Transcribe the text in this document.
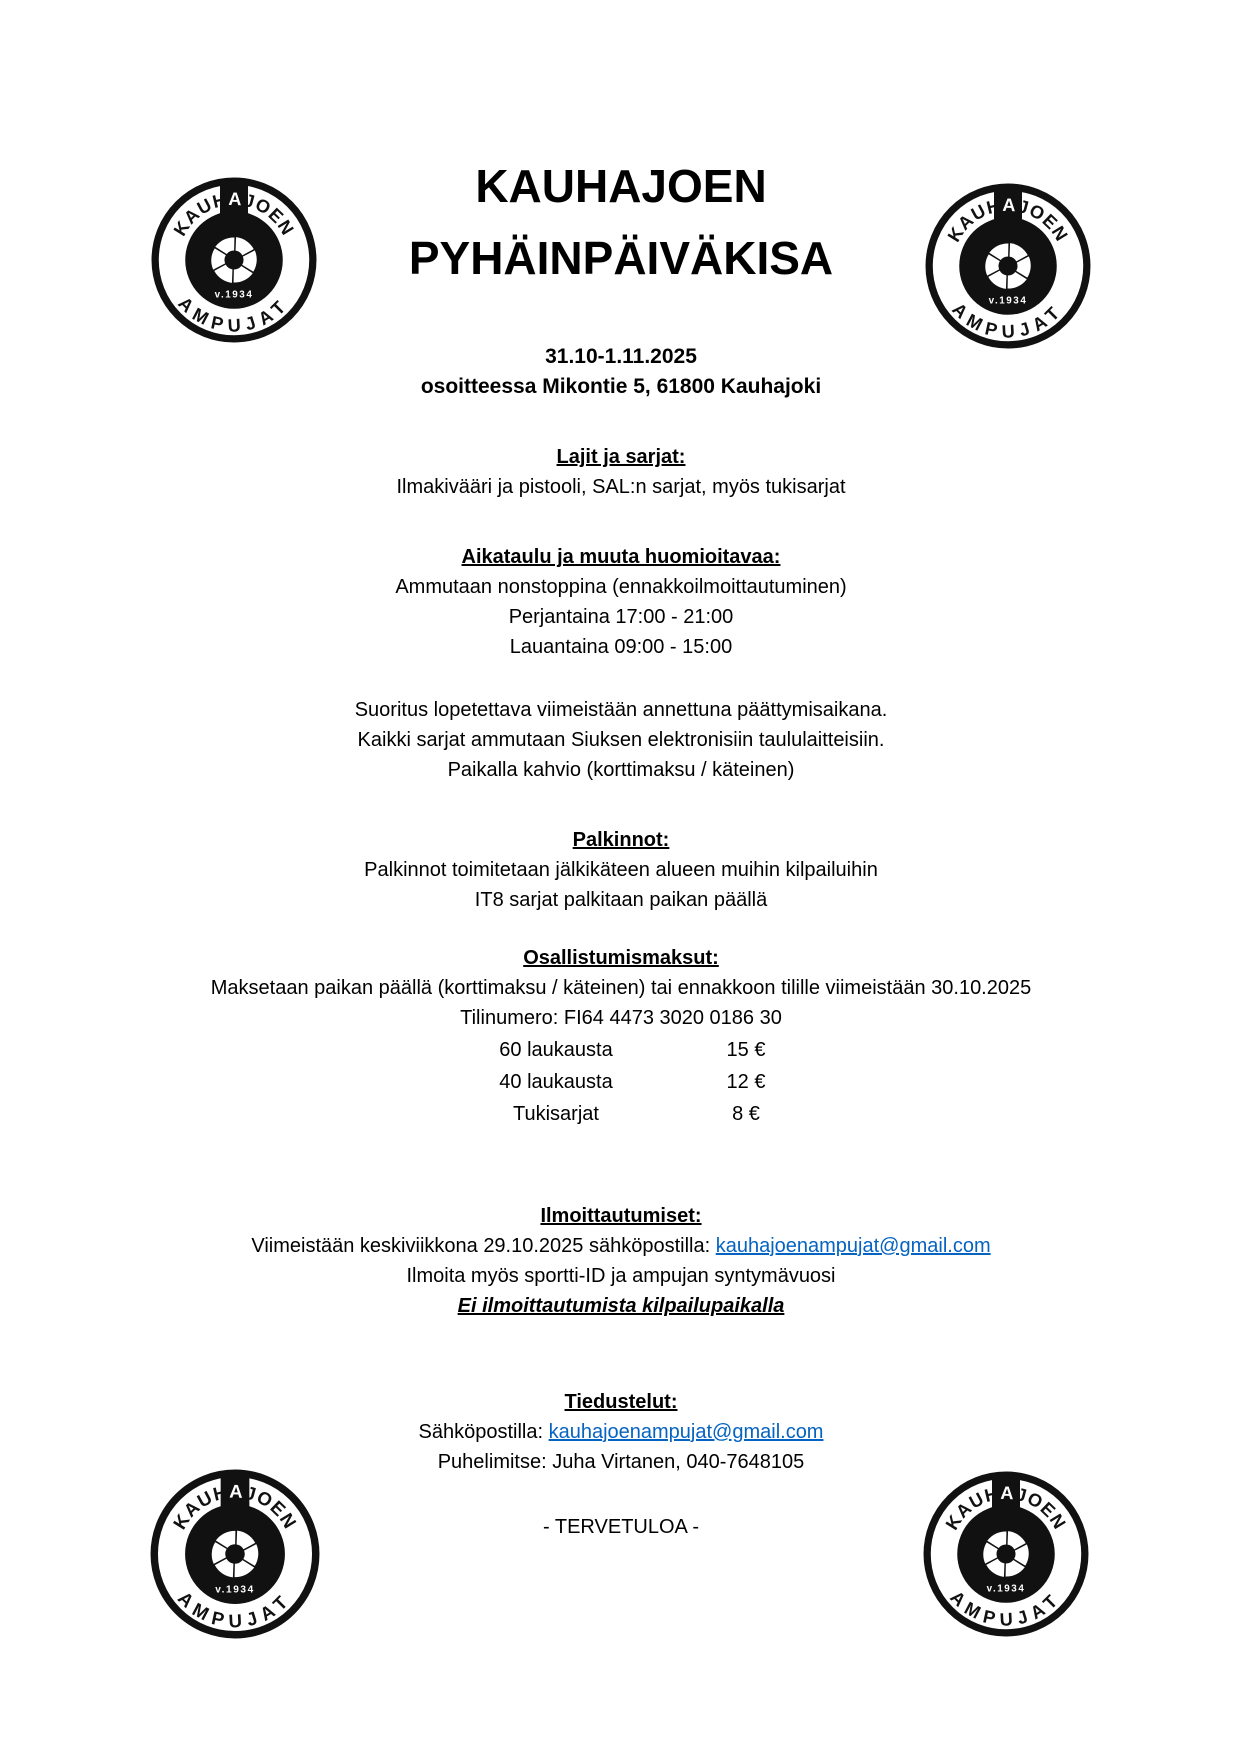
KAUHAJOEN
PYHÄINPÄIVÄKISA
31.10-1.11.2025
osoitteessa Mikontie 5, 61800 Kauhajoki
Lajit ja sarjat:
Ilmakivääri ja pistooli, SAL:n sarjat, myös tukisarjat
Aikataulu ja muuta huomioitavaa:
Ammutaan nonstoppina (ennakkoilmoittautuminen)
Perjantaina 17:00 - 21:00
Lauantaina 09:00 - 15:00
Suoritus lopetettava viimeistään annettuna päättymisaikana.
Kaikki sarjat ammutaan Siuksen elektronisiin taululaitteisiin.
Paikalla kahvio (korttimaksu / käteinen)
Palkinnot:
Palkinnot toimitetaan jälkikäteen alueen muihin kilpailuihin
IT8 sarjat palkitaan paikan päällä
Osallistumismaksut:
Maksetaan paikan päällä (korttimaksu / käteinen) tai ennakkoon tilille viimeistään 30.10.2025
Tilinumero: FI64 4473 3020 0186 30
60 laukausta	15 €
40 laukausta	12 €
Tukisarjat	8 €
Ilmoittautumiset:
Viimeistään keskiviikkona 29.10.2025 sähköpostilla: kauhajoenampujat@gmail.com
Ilmoita myös sportti-ID ja ampujan syntymävuosi
Ei ilmoittautumista kilpailupaikalla
Tiedustelut:
Sähköpostilla: kauhajoenampujat@gmail.com
Puhelimitse: Juha Virtanen, 040-7648105
- TERVETULOA -
